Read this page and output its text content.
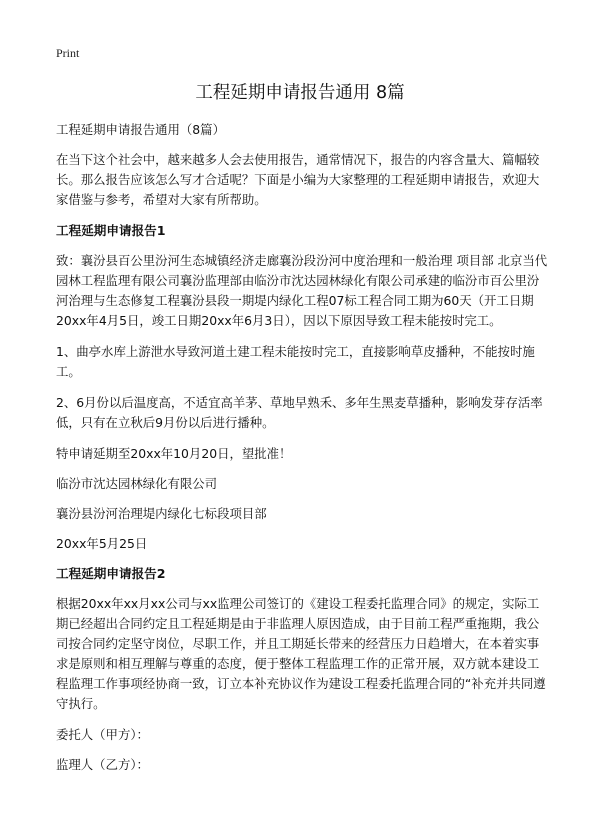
Print
工程延期申请报告通用 8篇

工程延期申请报告通用（8篇）

在当下这个社会中，越来越多人会去使用报告，通常情况下，报告的内容含量大、篇幅较长。那么报告应该怎么写才合适呢？下面是小编为大家整理的工程延期申请报告，欢迎大家借鉴与参考，希望对大家有所帮助。

工程延期申请报告1

致：襄汾县百公里汾河生态城镇经济走廊襄汾段汾河中度治理和一般治理 项目部 北京当代园林工程监理有限公司襄汾监理部由临汾市沈达园林绿化有限公司承建的临汾市百公里汾河治理与生态修复工程襄汾县段一期堤内绿化工程07标工程合同工期为60天（开工日期20xx年4月5日，竣工日期20xx年6月3日），因以下原因导致工程未能按时完工。

1、曲亭水库上游泄水导致河道土建工程未能按时完工，直接影响草皮播种，不能按时施工。

2、6月份以后温度高，不适宜高羊茅、草地早熟禾、多年生黑麦草播种，影响发芽存活率低，只有在立秋后9月份以后进行播种。

特申请延期至20xx年10月20日，望批准！

临汾市沈达园林绿化有限公司

襄汾县汾河治理堤内绿化七标段项目部

20xx年5月25日

工程延期申请报告2

根据20xx年xx月xx公司与xx监理公司签订的《建设工程委托监理合同》的规定，实际工期已经超出合同约定且工程延期是由于非监理人原因造成，由于目前工程严重拖期，我公司按合同约定坚守岗位，尽职工作，并且工期延长带来的经营压力日趋增大，在本着实事求是原则和相互理解与尊重的态度，便于整体工程监理工作的正常开展，双方就本建设工程监理工作事项经协商一致，订立本补充协议作为建设工程委托监理合同的“补充并共同遵守执行。

委托人（甲方）：

监理人（乙方）：
